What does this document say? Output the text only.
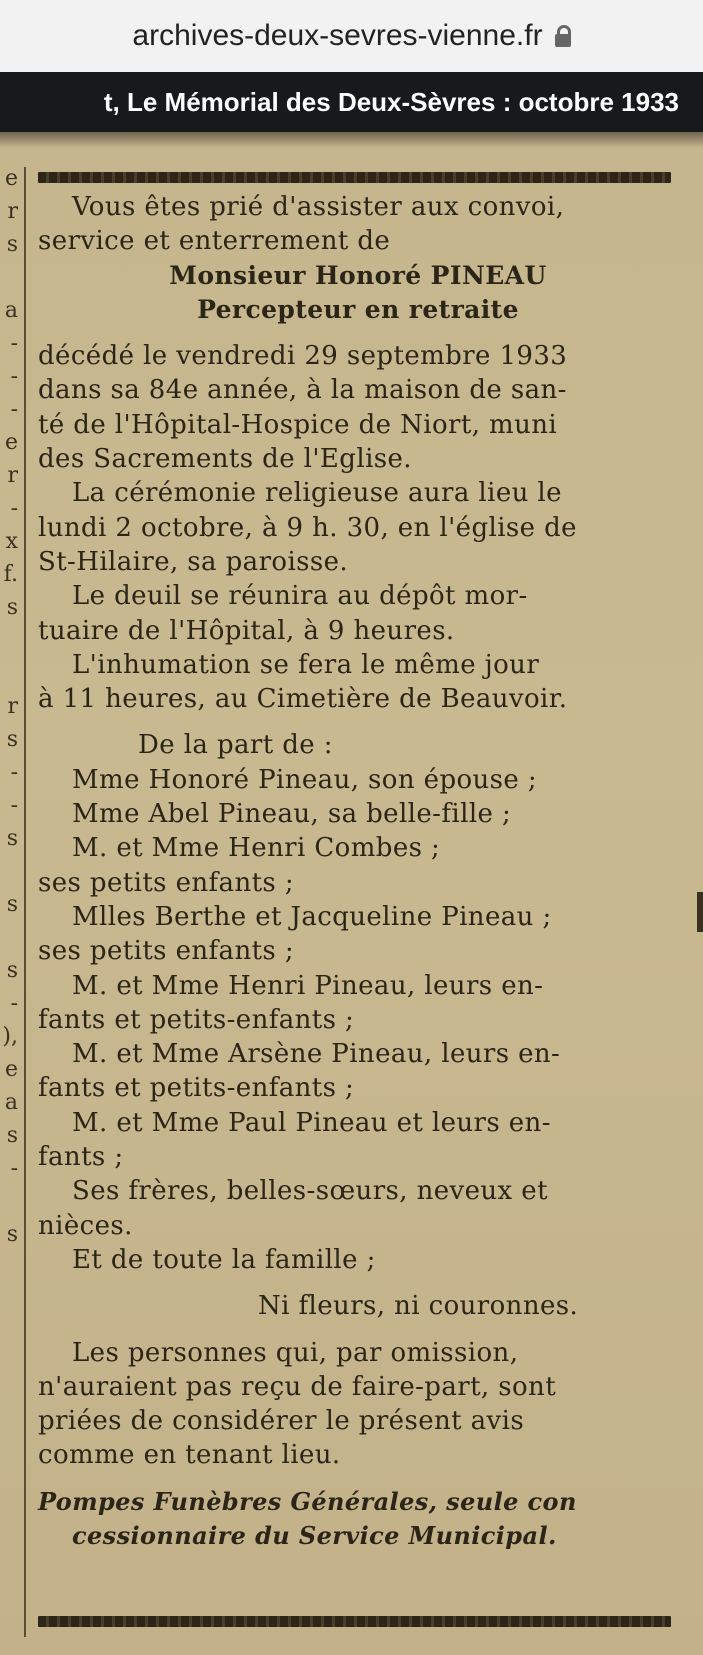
archives-deux-sevres-vienne.fr
t, Le Mémorial des Deux-Sèvres : octobre 1933
e
r
s

a
-
-
-
e
r
-
x
f.
s

r
s
-
-
s

s

s
-
),
e
a
s
-

s
Vous êtes prié d'assister aux convoi,
service et enterrement de
Monsieur Honoré PINEAU
Percepteur en retraite
décédé le vendredi 29 septembre 1933
dans sa 84e année, à la maison de san-
té de l'Hôpital-Hospice de Niort, muni
des Sacrements de l'Eglise.
La cérémonie religieuse aura lieu le
lundi 2 octobre, à 9 h. 30, en l'église de
St-Hilaire, sa paroisse.
Le deuil se réunira au dépôt mor-
tuaire de l'Hôpital, à 9 heures.
L'inhumation se fera le même jour
à 11 heures, au Cimetière de Beauvoir.
De la part de :
Mme Honoré Pineau, son épouse ;
Mme Abel Pineau, sa belle-fille ;
M. et Mme Henri Combes ;
ses petits enfants ;
Mlles Berthe et Jacqueline Pineau ;
ses petits enfants ;
M. et Mme Henri Pineau, leurs en-
fants et petits-enfants ;
M. et Mme Arsène Pineau, leurs en-
fants et petits-enfants ;
M. et Mme Paul Pineau et leurs en-
fants ;
Ses frères, belles-sœurs, neveux et
nièces.
Et de toute la famille ;
Ni fleurs, ni couronnes.
Les personnes qui, par omission,
n'auraient pas reçu de faire-part, sont
priées de considérer le présent avis
comme en tenant lieu.
Pompes Funèbres Générales, seule con
cessionnaire du Service Municipal.
